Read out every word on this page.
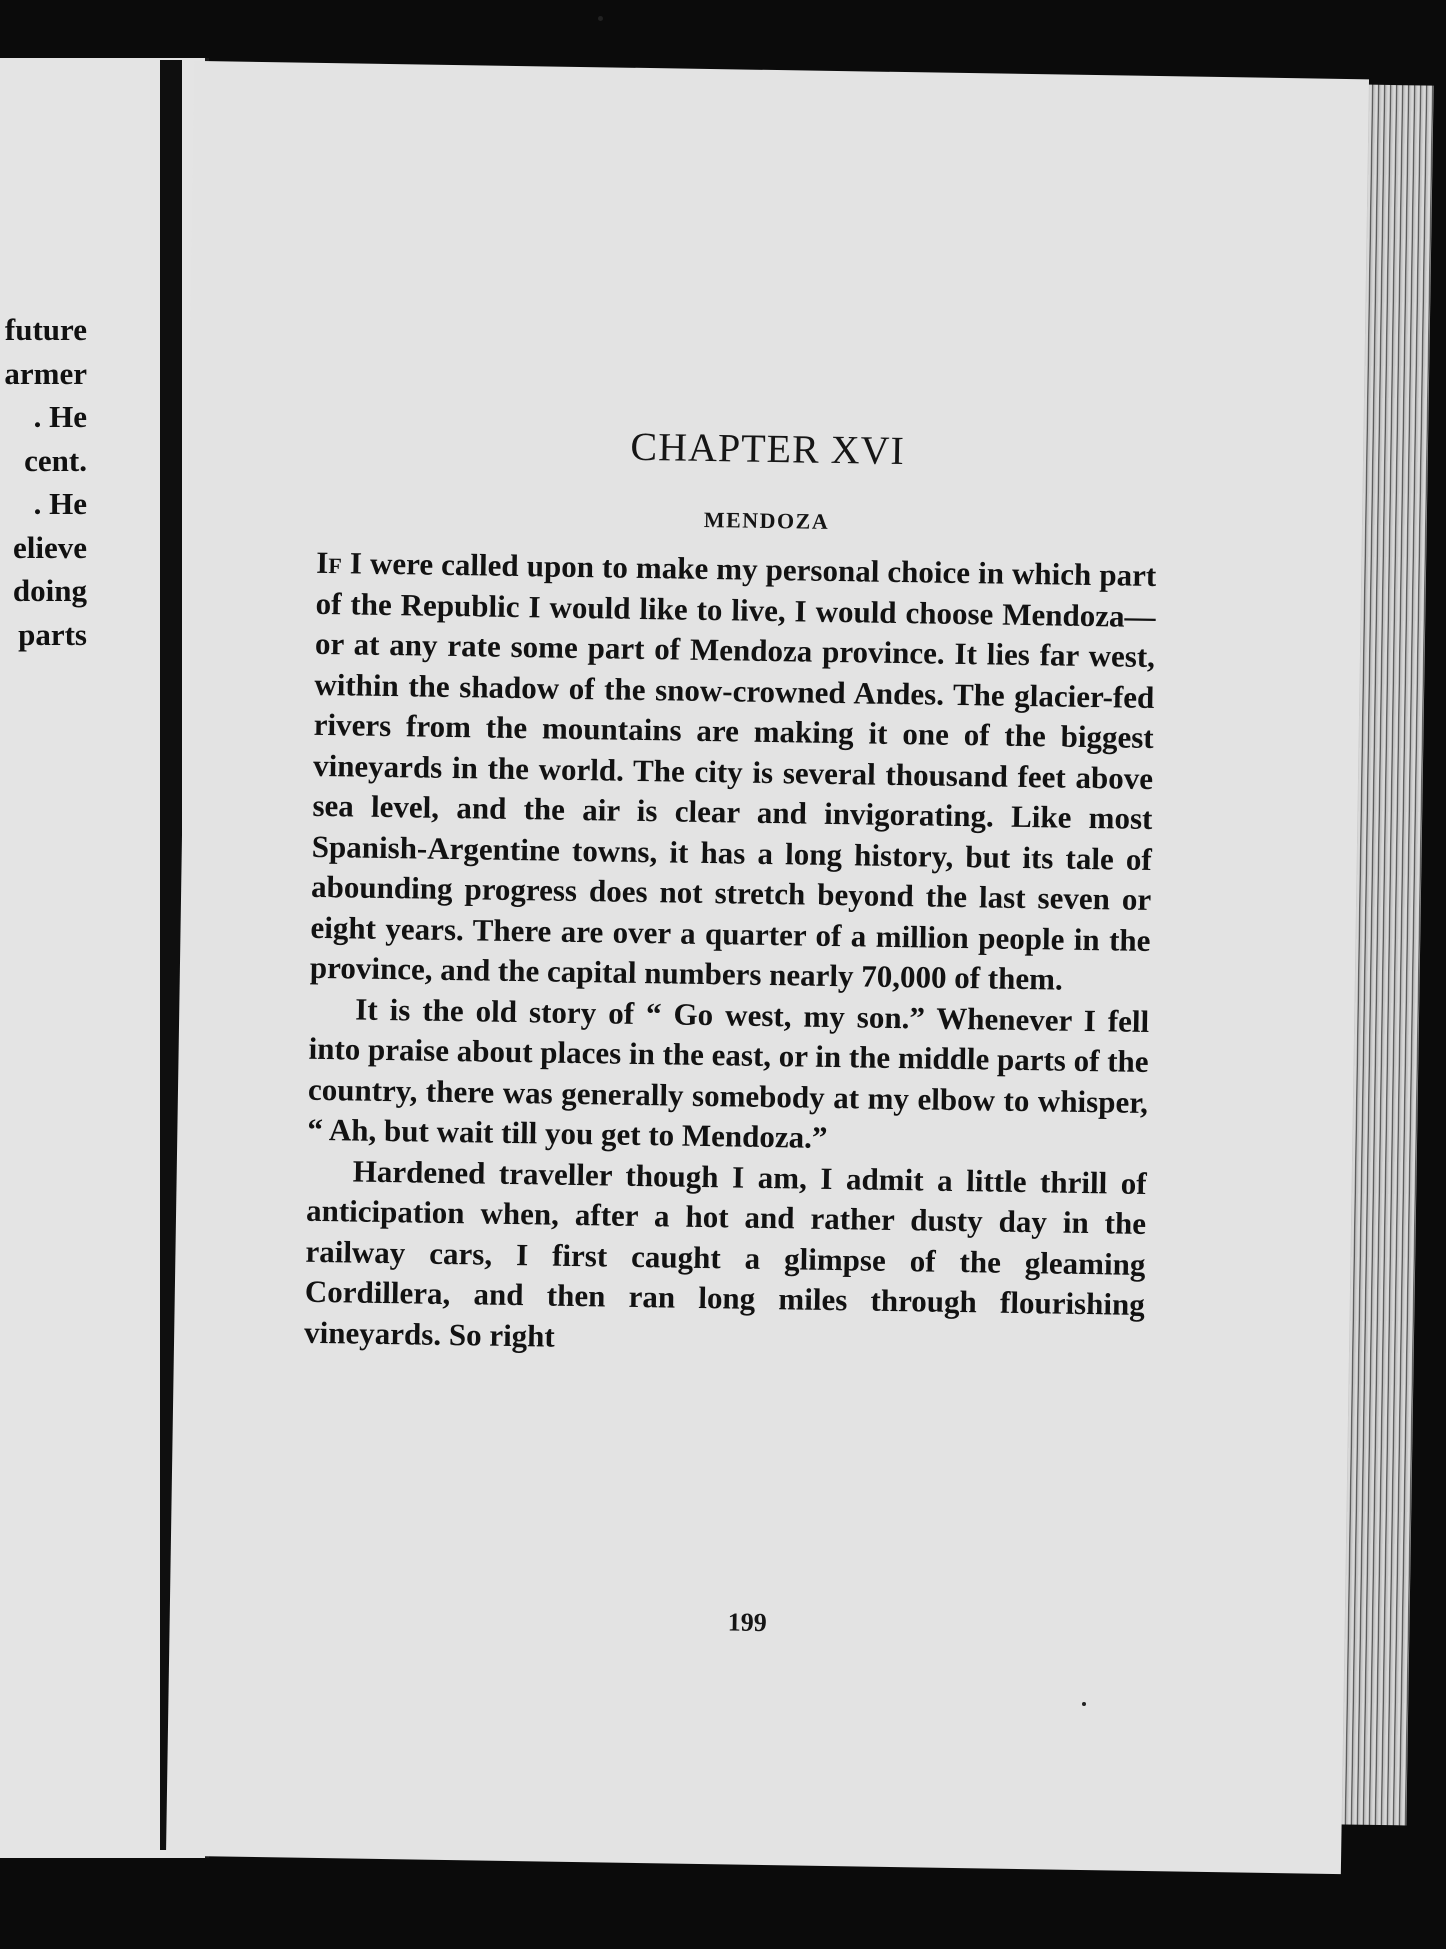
future
armer
. He
cent.
. He
elieve
doing
parts
CHAPTER XVI
MENDOZA

If I were called upon to make my personal choice in which part of the Republic I would like to live, I would choose Mendoza—or at any rate some part of Mendoza province. It lies far west, within the shadow of the snow-crowned Andes. The glacier-fed rivers from the mountains are making it one of the biggest vineyards in the world. The city is several thousand feet above sea level, and the air is clear and invigorating. Like most Spanish-Argentine towns, it has a long history, but its tale of abounding progress does not stretch beyond the last seven or eight years. There are over a quarter of a million people in the province, and the capital numbers nearly 70,000 of them.

It is the old story of “ Go west, my son.” Whenever I fell into praise about places in the east, or in the middle parts of the country, there was generally somebody at my elbow to whisper, “ Ah, but wait till you get to Mendoza.”

Hardened traveller though I am, I admit a little thrill of anticipation when, after a hot and rather dusty day in the railway cars, I first caught a glimpse of the gleaming Cordillera, and then ran long miles through flourishing vineyards. So right

199
